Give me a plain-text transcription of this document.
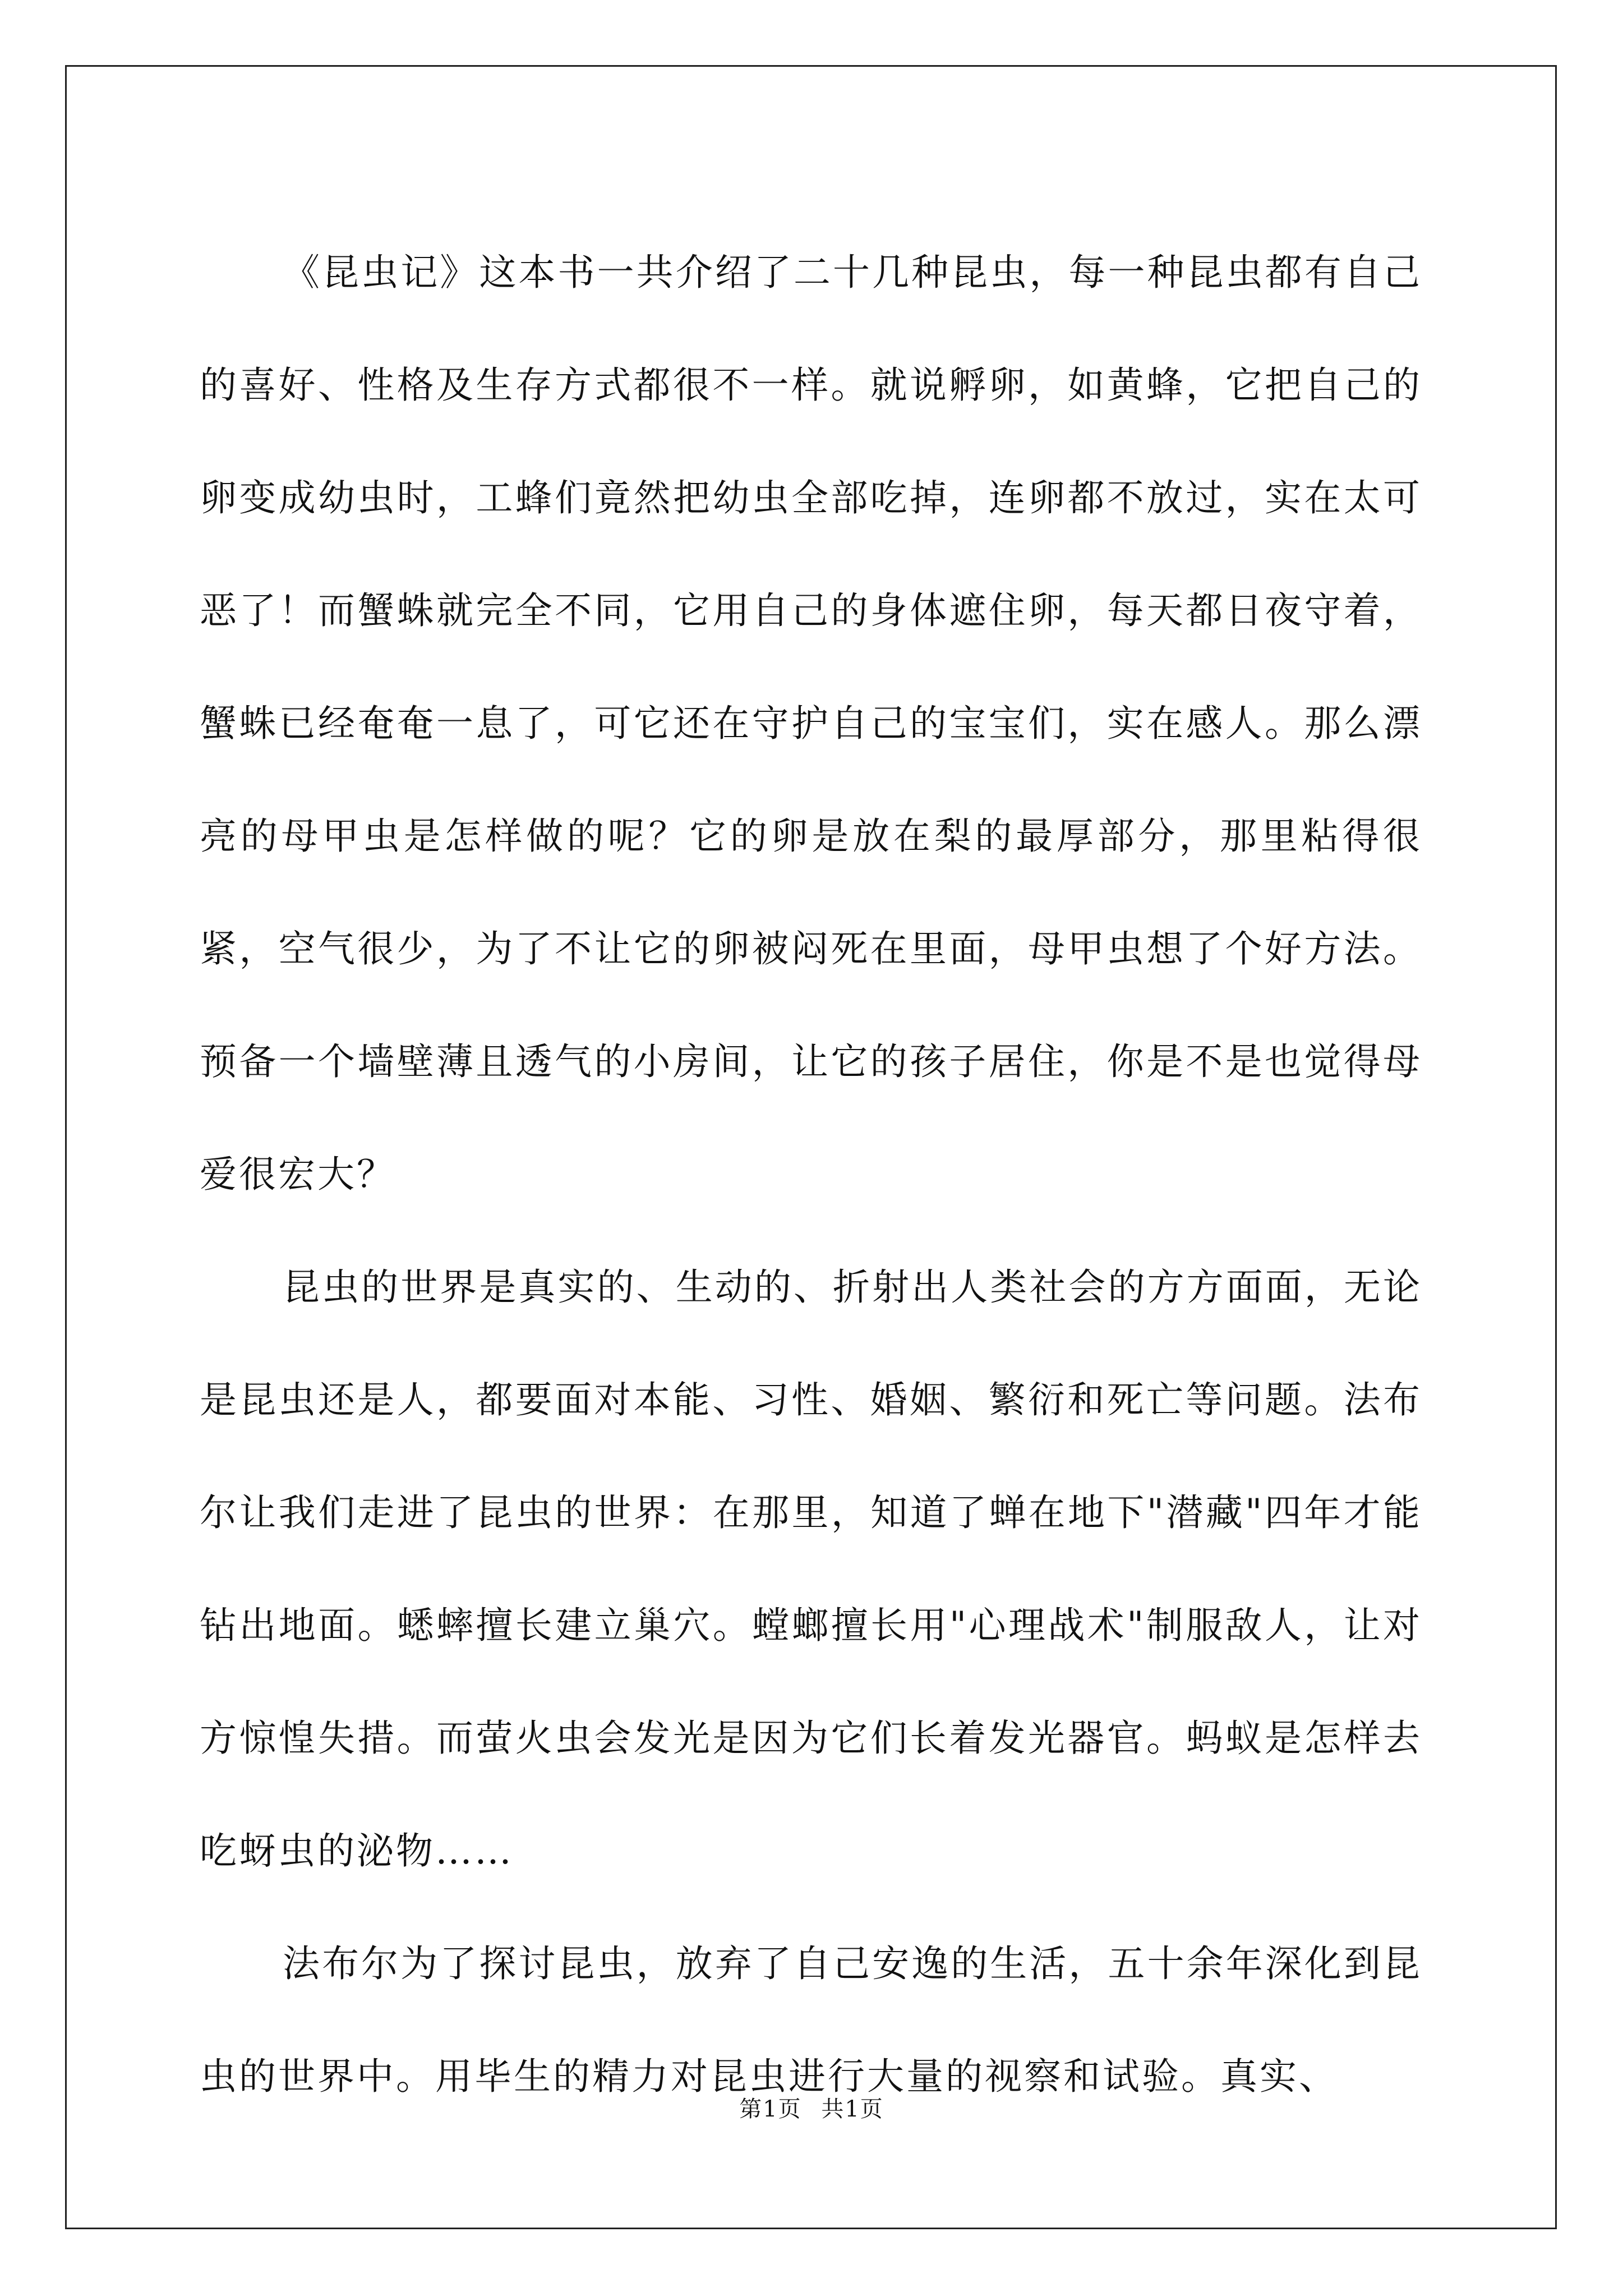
《昆虫记》这本书一共介绍了二十几种昆虫，每一种昆虫都有自己的喜好、性格及生存方式都很不一样。就说孵卵，如黄蜂，它把自己的卵变成幼虫时，工蜂们竟然把幼虫全部吃掉，连卵都不放过，实在太可恶了！而蟹蛛就完全不同，它用自己的身体遮住卵，每天都日夜守着，蟹蛛已经奄奄一息了，可它还在守护自己的宝宝们，实在感人。那么漂亮的母甲虫是怎样做的呢？它的卵是放在梨的最厚部分，那里粘得很紧，空气很少，为了不让它的卵被闷死在里面，母甲虫想了个好方法。预备一个墙壁薄且透气的小房间，让它的孩子居住，你是不是也觉得母爱很宏大？

昆虫的世界是真实的、生动的、折射出人类社会的方方面面，无论是昆虫还是人，都要面对本能、习性、婚姻、繁衍和死亡等问题。法布尔让我们走进了昆虫的世界：在那里，知道了蝉在地下"潜藏"四年才能钻出地面。蟋蟀擅长建立巢穴。螳螂擅长用"心理战术"制服敌人，让对方惊惶失措。而萤火虫会发光是因为它们长着发光器官。蚂蚁是怎样去吃蚜虫的泌物……

法布尔为了探讨昆虫，放弃了自己安逸的生活，五十余年深化到昆虫的世界中。用毕生的精力对昆虫进行大量的视察和试验。真实、

第1页 共1页
